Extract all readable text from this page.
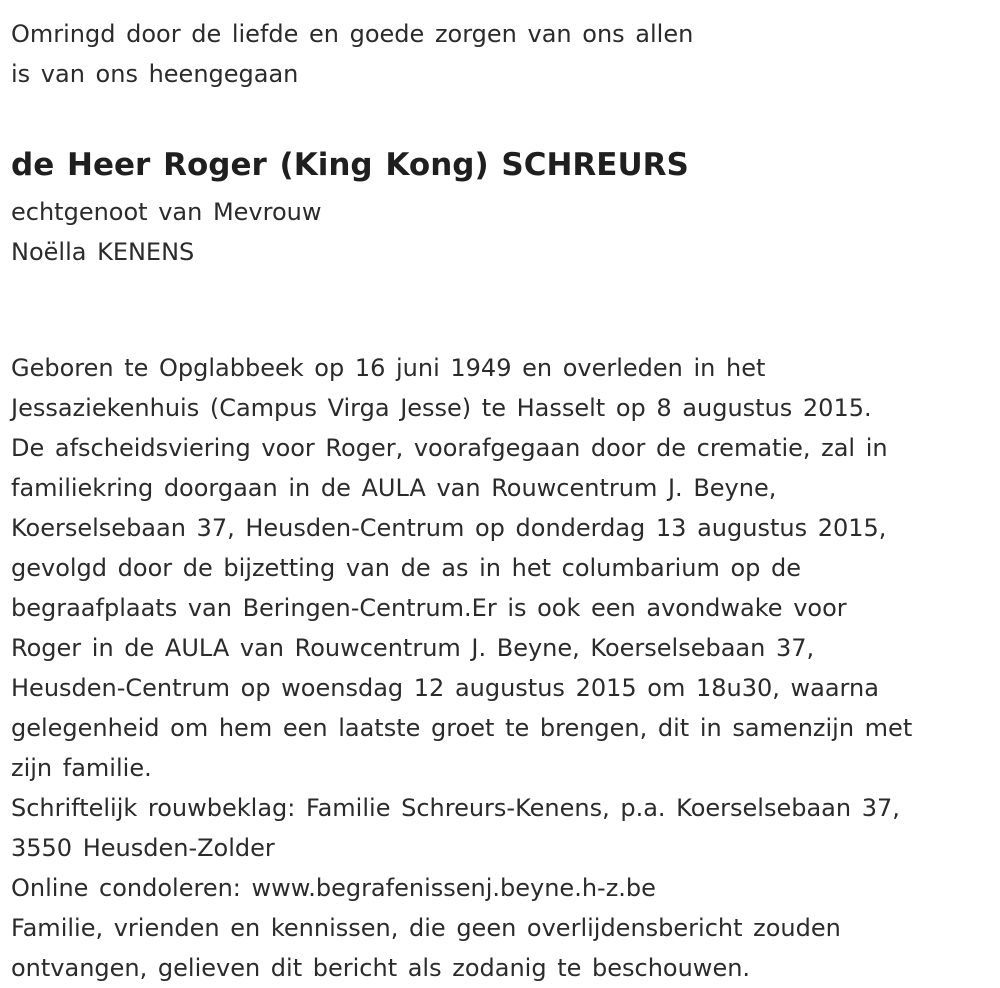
Omringd door de liefde en goede zorgen van ons allen
is van ons heengegaan
de Heer Roger (King Kong) SCHREURS
echtgenoot van Mevrouw
Noëlla KENENS
Geboren te Opglabbeek op 16 juni 1949 en overleden in het
Jessaziekenhuis (Campus Virga Jesse) te Hasselt op 8 augustus 2015.
De afscheidsviering voor Roger, voorafgegaan door de crematie, zal in
familiekring doorgaan in de AULA van Rouwcentrum J. Beyne,
Koerselsebaan 37, Heusden-Centrum op donderdag 13 augustus 2015,
gevolgd door de bijzetting van de as in het columbarium op de
begraafplaats van Beringen-Centrum.Er is ook een avondwake voor
Roger in de AULA van Rouwcentrum J. Beyne, Koerselsebaan 37,
Heusden-Centrum op woensdag 12 augustus 2015 om 18u30, waarna
gelegenheid om hem een laatste groet te brengen, dit in samenzijn met
zijn familie.
Schriftelijk rouwbeklag: Familie Schreurs-Kenens, p.a. Koerselsebaan 37,
3550 Heusden-Zolder
Online condoleren: www.begrafenissenj.beyne.h-z.be
Familie, vrienden en kennissen, die geen overlijdensbericht zouden
ontvangen, gelieven dit bericht als zodanig te beschouwen.
